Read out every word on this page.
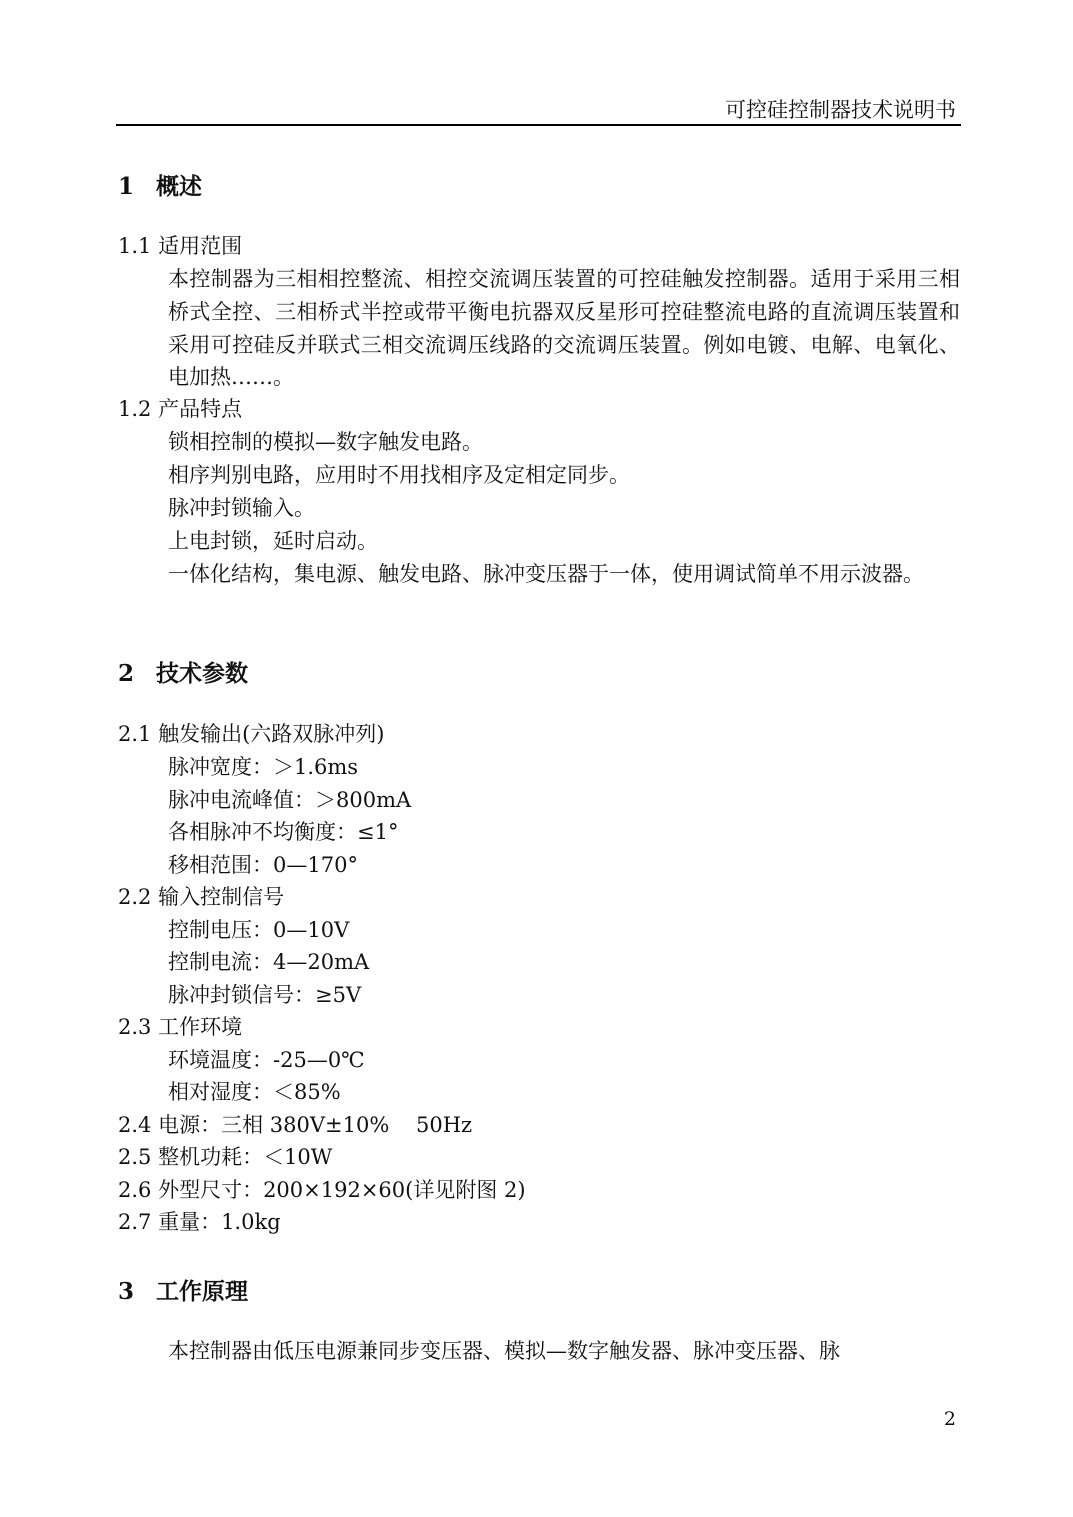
可控硅控制器技术说明书
1 概述
1.1 适用范围
本控制器为三相相控整流、相控交流调压装置的可控硅触发控制器。适用于采用三相桥式全控、三相桥式半控或带平衡电抗器双反星形可控硅整流电路的直流调压装置和采用可控硅反并联式三相交流调压线路的交流调压装置。例如电镀、电解、电氧化、电加热……。
1.2 产品特点
锁相控制的模拟—数字触发电路。
相序判别电路，应用时不用找相序及定相定同步。
脉冲封锁输入。
上电封锁，延时启动。
一体化结构，集电源、触发电路、脉冲变压器于一体，使用调试简单不用示波器。
2 技术参数
2.1 触发输出(六路双脉冲列)
脉冲宽度：＞1.6ms
脉冲电流峰值：＞800mA
各相脉冲不均衡度：≤1°
移相范围：0—170°
2.2 输入控制信号
控制电压：0—10V
控制电流：4—20mA
脉冲封锁信号：≥5V
2.3 工作环境
环境温度：-25—0℃
相对湿度：＜85%
2.4 电源：三相 380V±10%    50Hz
2.5 整机功耗：＜10W
2.6 外型尺寸：200×192×60(详见附图 2)
2.7 重量：1.0kg
3 工作原理
本控制器由低压电源兼同步变压器、模拟—数字触发器、脉冲变压器、脉
2
